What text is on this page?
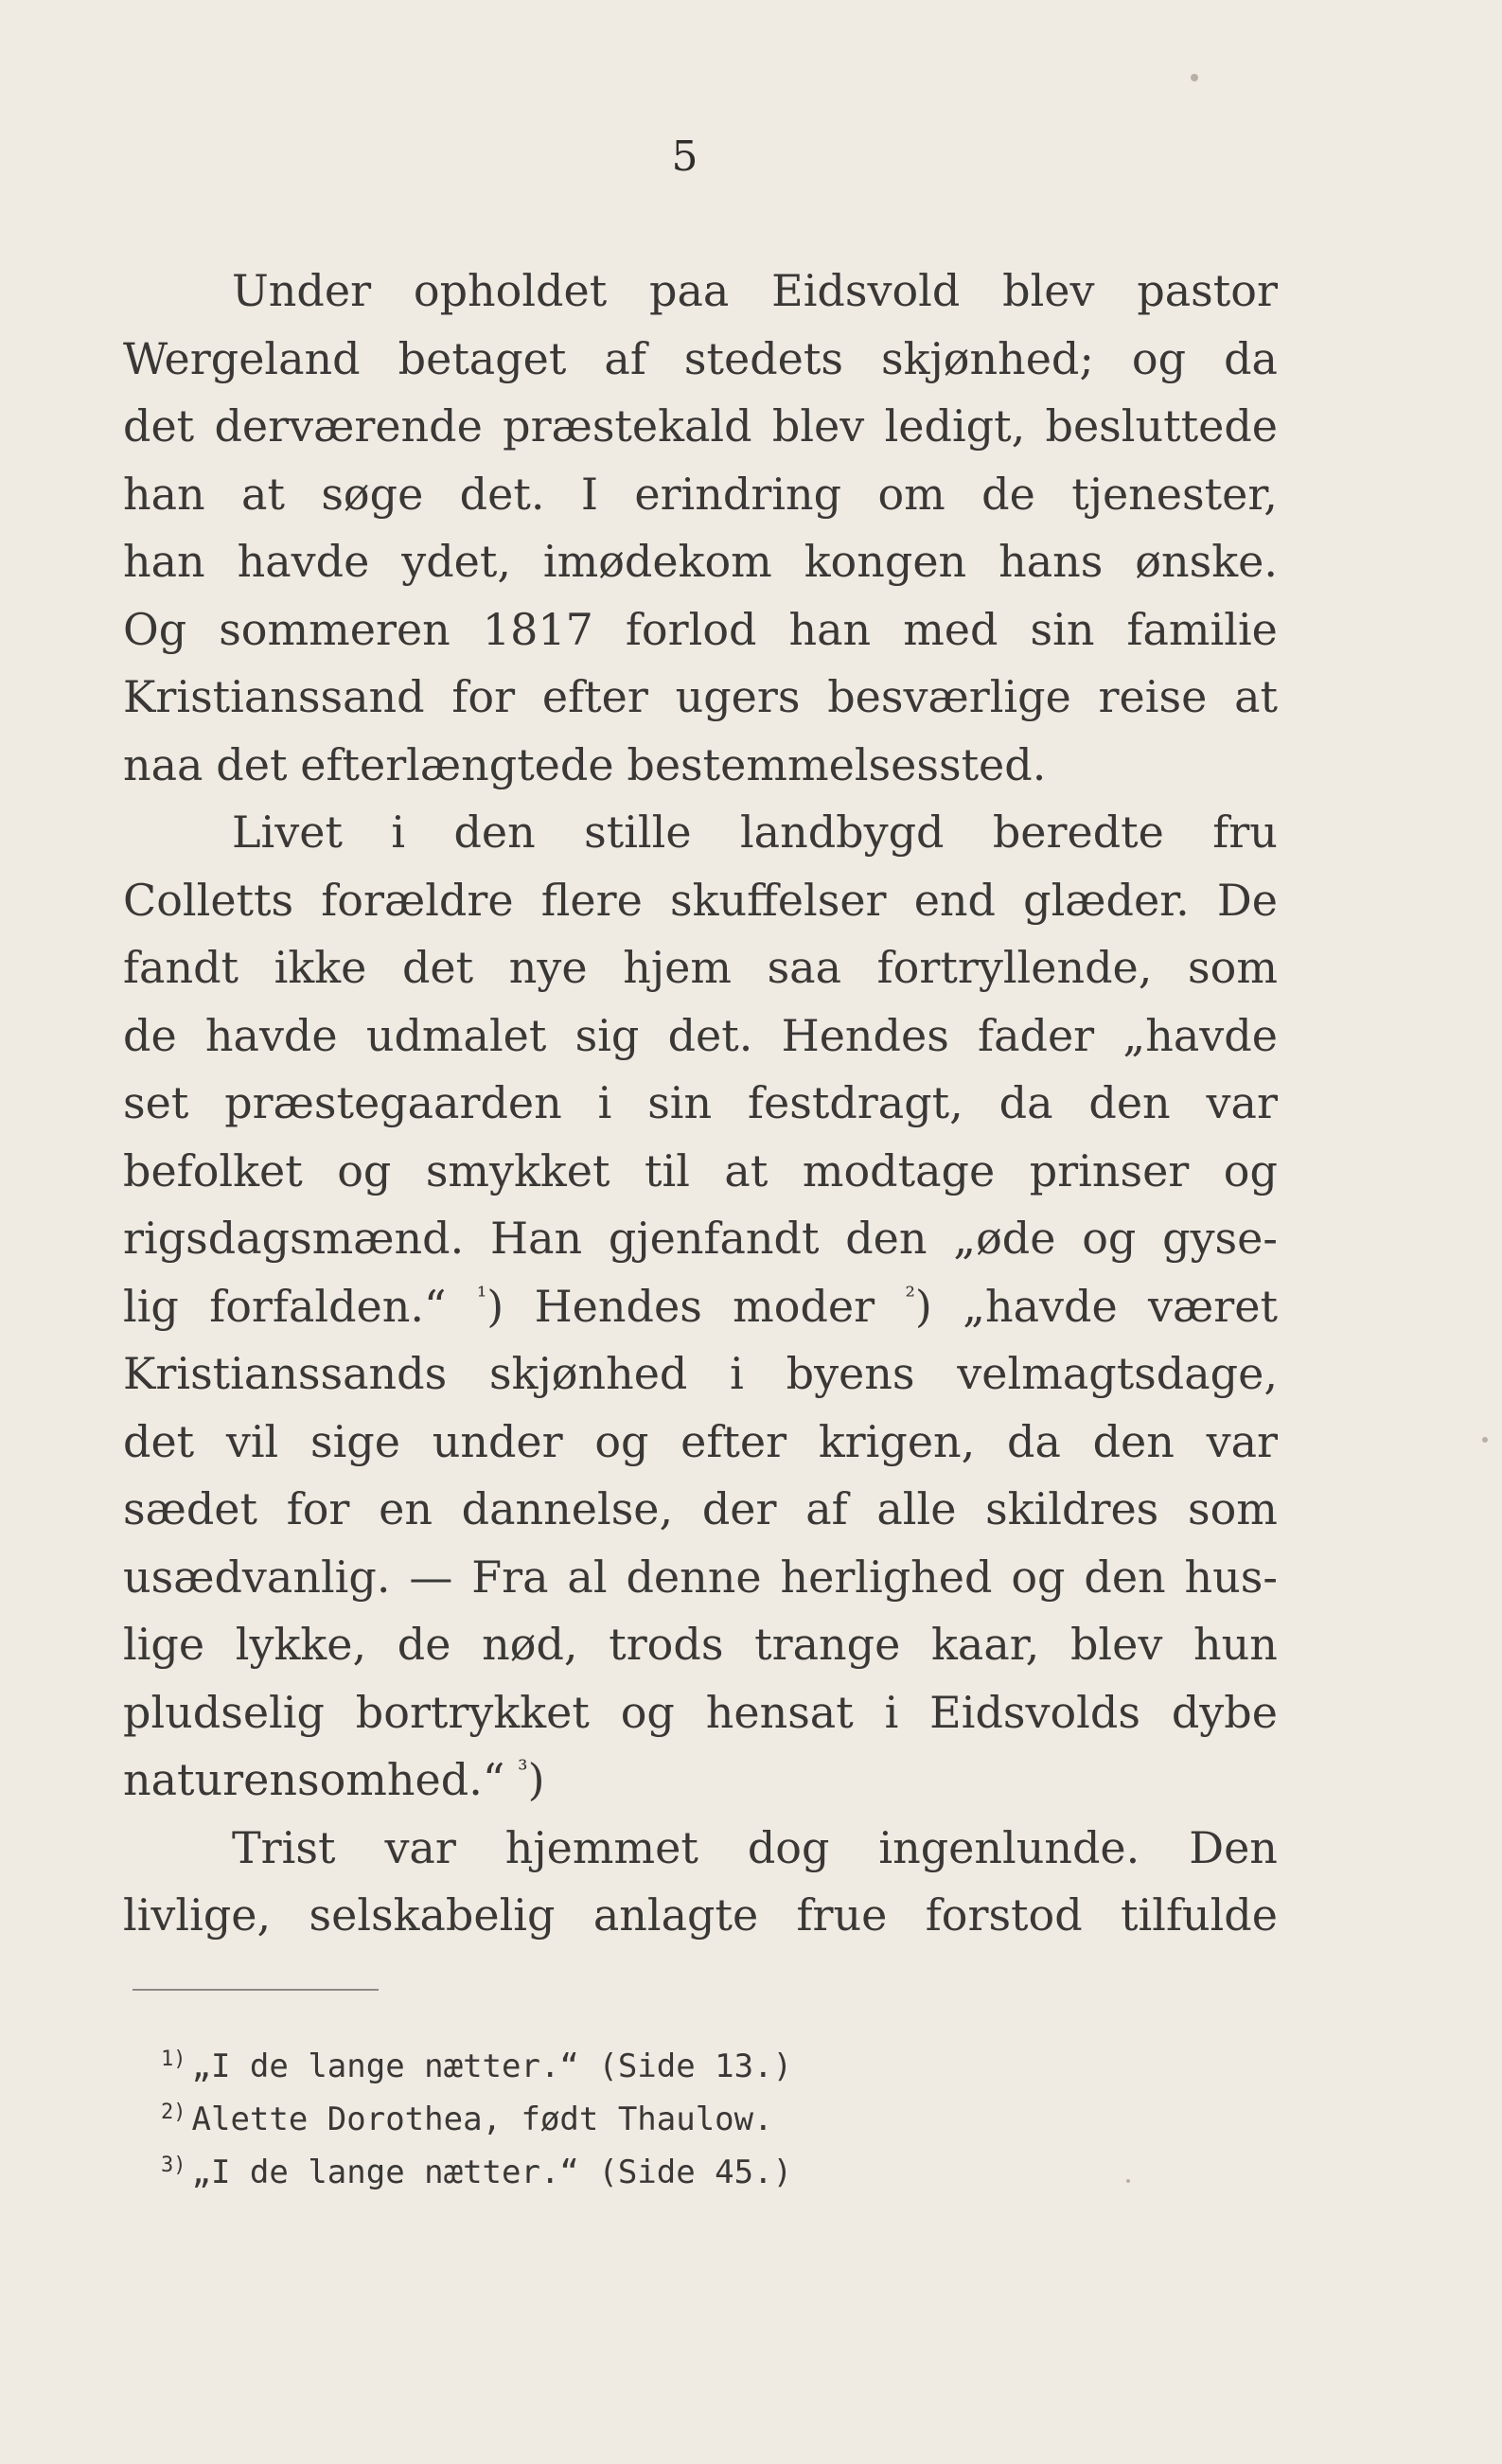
5
Under opholdet paa Eidsvold blev pastor
Wergeland betaget af stedets skjønhed; og da
det derværende præstekald blev ledigt, besluttede
han at søge det. I erindring om de tjenester,
han havde ydet, imødekom kongen hans ønske.
Og sommeren 1817 forlod han med sin familie
Kristianssand for efter ugers besværlige reise at
naa det efterlængtede bestemmelsessted.
Livet i den stille landbygd beredte fru
Colletts forældre flere skuffelser end glæder. De
fandt ikke det nye hjem saa fortryllende, som
de havde udmalet sig det. Hendes fader „havde
set præstegaarden i sin festdragt, da den var
befolket og smykket til at modtage prinser og
rigsdagsmænd. Han gjenfandt den „øde og gyse-
lig forfalden.“ $^{^1}$) Hendes moder $^{^2}$) „havde været
Kristianssands skjønhed i byens velmagtsdage,
det vil sige under og efter krigen, da den var
sædet for en dannelse, der af alle skildres som
usædvanlig. — Fra al denne herlighed og den hus-
lige lykke, de nød, trods trange kaar, blev hun
pludselig bortrykket og hensat i Eidsvolds dybe
naturensomhed.“ $^{^3}$)
Trist var hjemmet dog ingenlunde. Den
livlige, selskabelig anlagte frue forstod tilfulde
$^{1)}$ „I de lange nætter.“ (Side 13.)
$^{2)}$ Alette Dorothea, født Thaulow.
$^{3)}$ „I de lange nætter.“ (Side 45.)
